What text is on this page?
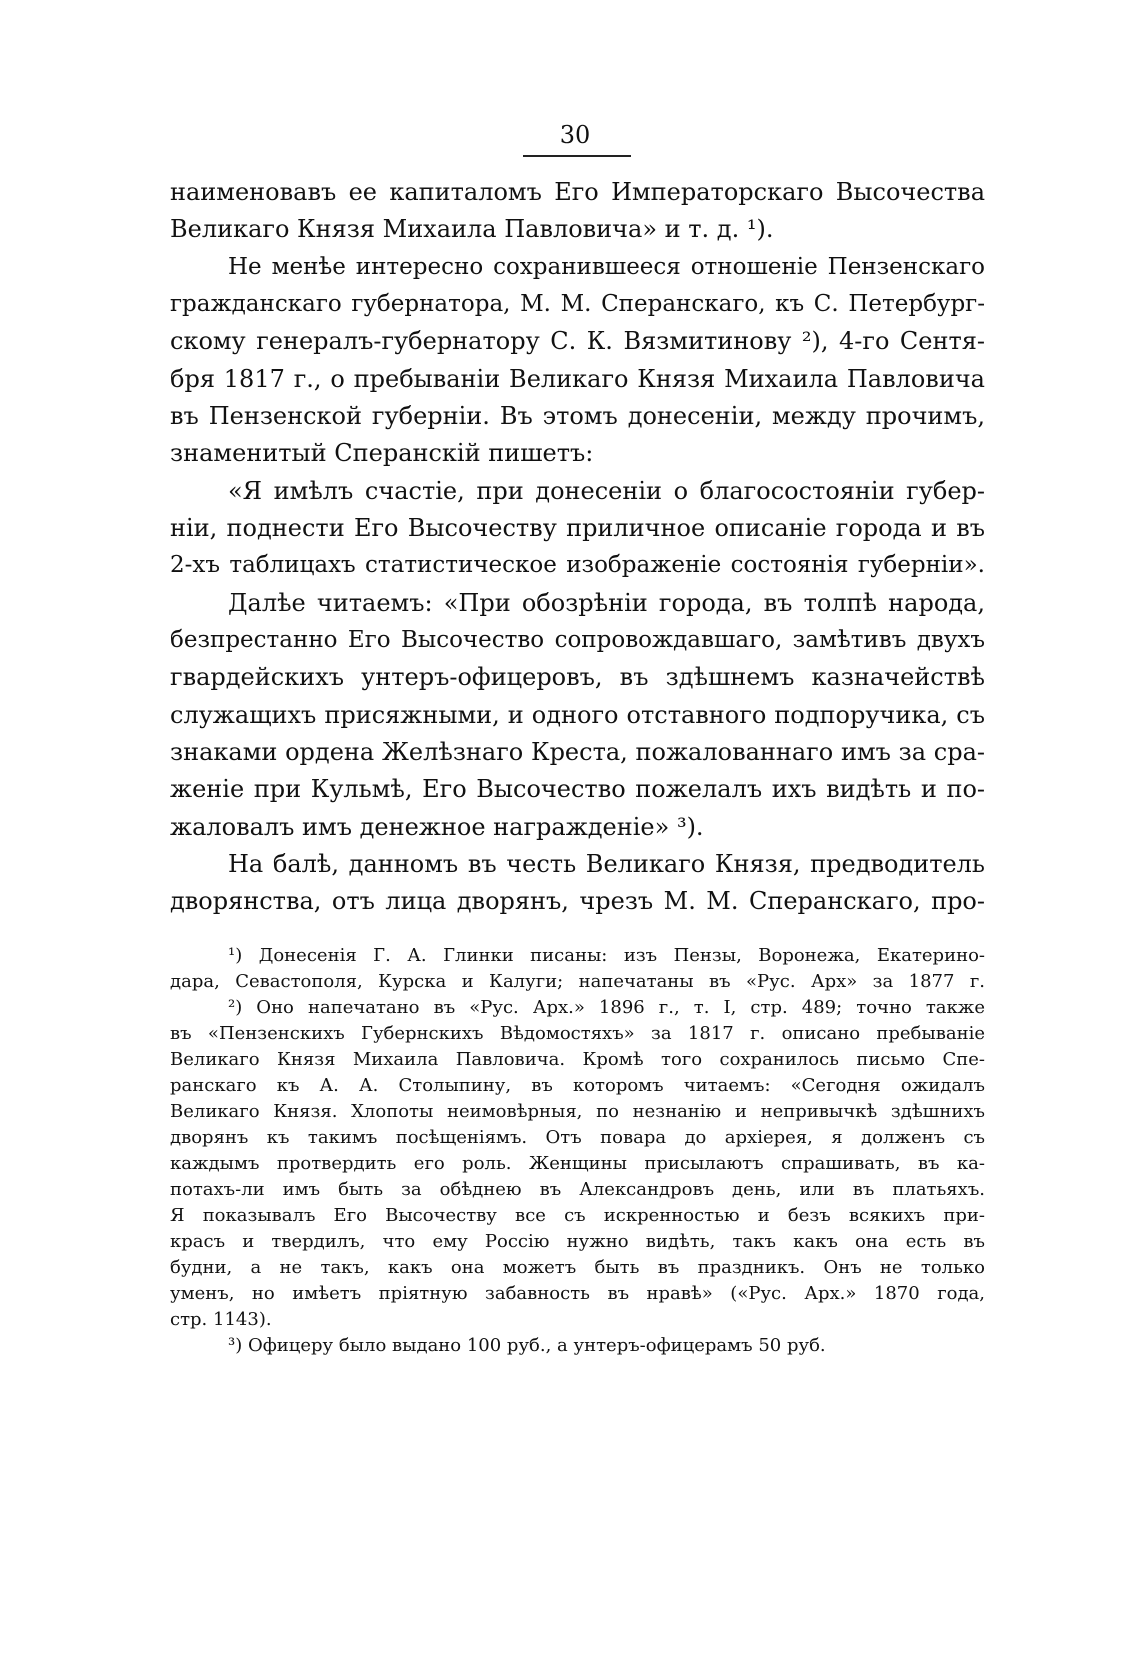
30
наименовавъ ее капиталомъ Его Императорскаго Высочества
Великаго Князя Михаила Павловича» и т. д. ¹).
Не менѣе интересно сохранившееся отношеніе Пензенскаго
гражданскаго губернатора, М. М. Сперанскаго, къ С. Петербург-
скому генералъ-губернатору С. К. Вязмитинову ²), 4-го Сентя-
бря 1817 г., о пребываніи Великаго Князя Михаила Павловича
въ Пензенской губерніи. Въ этомъ донесеніи, между прочимъ,
знаменитый Сперанскій пишетъ:
«Я имѣлъ счастіе, при донесеніи о благосостояніи губер-
ніи, поднести Его Высочеству приличное описаніе города и въ
2-хъ таблицахъ статистическое изображеніе состоянія губерніи».
Далѣе читаемъ: «При обозрѣніи города, въ толпѣ народа,
безпрестанно Его Высочество сопровождавшаго, замѣтивъ двухъ
гвардейскихъ унтеръ-офицеровъ, въ здѣшнемъ казначействѣ
служащихъ присяжными, и одного отставного подпоручика, съ
знаками ордена Желѣзнаго Креста, пожалованнаго имъ за сра-
женіе при Кульмѣ, Его Высочество пожелалъ ихъ видѣть и по-
жаловалъ имъ денежное награжденіе» ³).
На балѣ, данномъ въ честь Великаго Князя, предводитель
дворянства, отъ лица дворянъ, чрезъ М. М. Сперанскаго, про-
¹) Донесенія Г. А. Глинки писаны: изъ Пензы, Воронежа, Екатерино-
дара, Севастополя, Курска и Калуги; напечатаны въ «Рус. Арх» за 1877 г.
²) Оно напечатано въ «Рус. Арх.» 1896 г., т. I, стр. 489; точно также
въ «Пензенскихъ Губернскихъ Вѣдомостяхъ» за 1817 г. описано пребываніе
Великаго Князя Михаила Павловича. Кромѣ того сохранилось письмо Спе-
ранскаго къ А. А. Столыпину, въ которомъ читаемъ: «Сегодня ожидалъ
Великаго Князя. Хлопоты неимовѣрныя, по незнанію и непривычкѣ здѣшнихъ
дворянъ къ такимъ посѣщеніямъ. Отъ повара до архіерея, я долженъ съ
каждымъ протвердить его роль. Женщины присылаютъ спрашивать, въ ка-
потахъ-ли имъ быть за обѣднею въ Александровъ день, или въ платьяхъ.
Я показывалъ Его Высочеству все съ искренностью и безъ всякихъ при-
красъ и твердилъ, что ему Россію нужно видѣть, такъ какъ она есть въ
будни, а не такъ, какъ она можетъ быть въ праздникъ. Онъ не только
уменъ, но имѣетъ пріятную забавность въ нравѣ» («Рус. Арх.» 1870 года,
стр. 1143).
³) Офицеру было выдано 100 руб., а унтеръ-офицерамъ 50 руб.
